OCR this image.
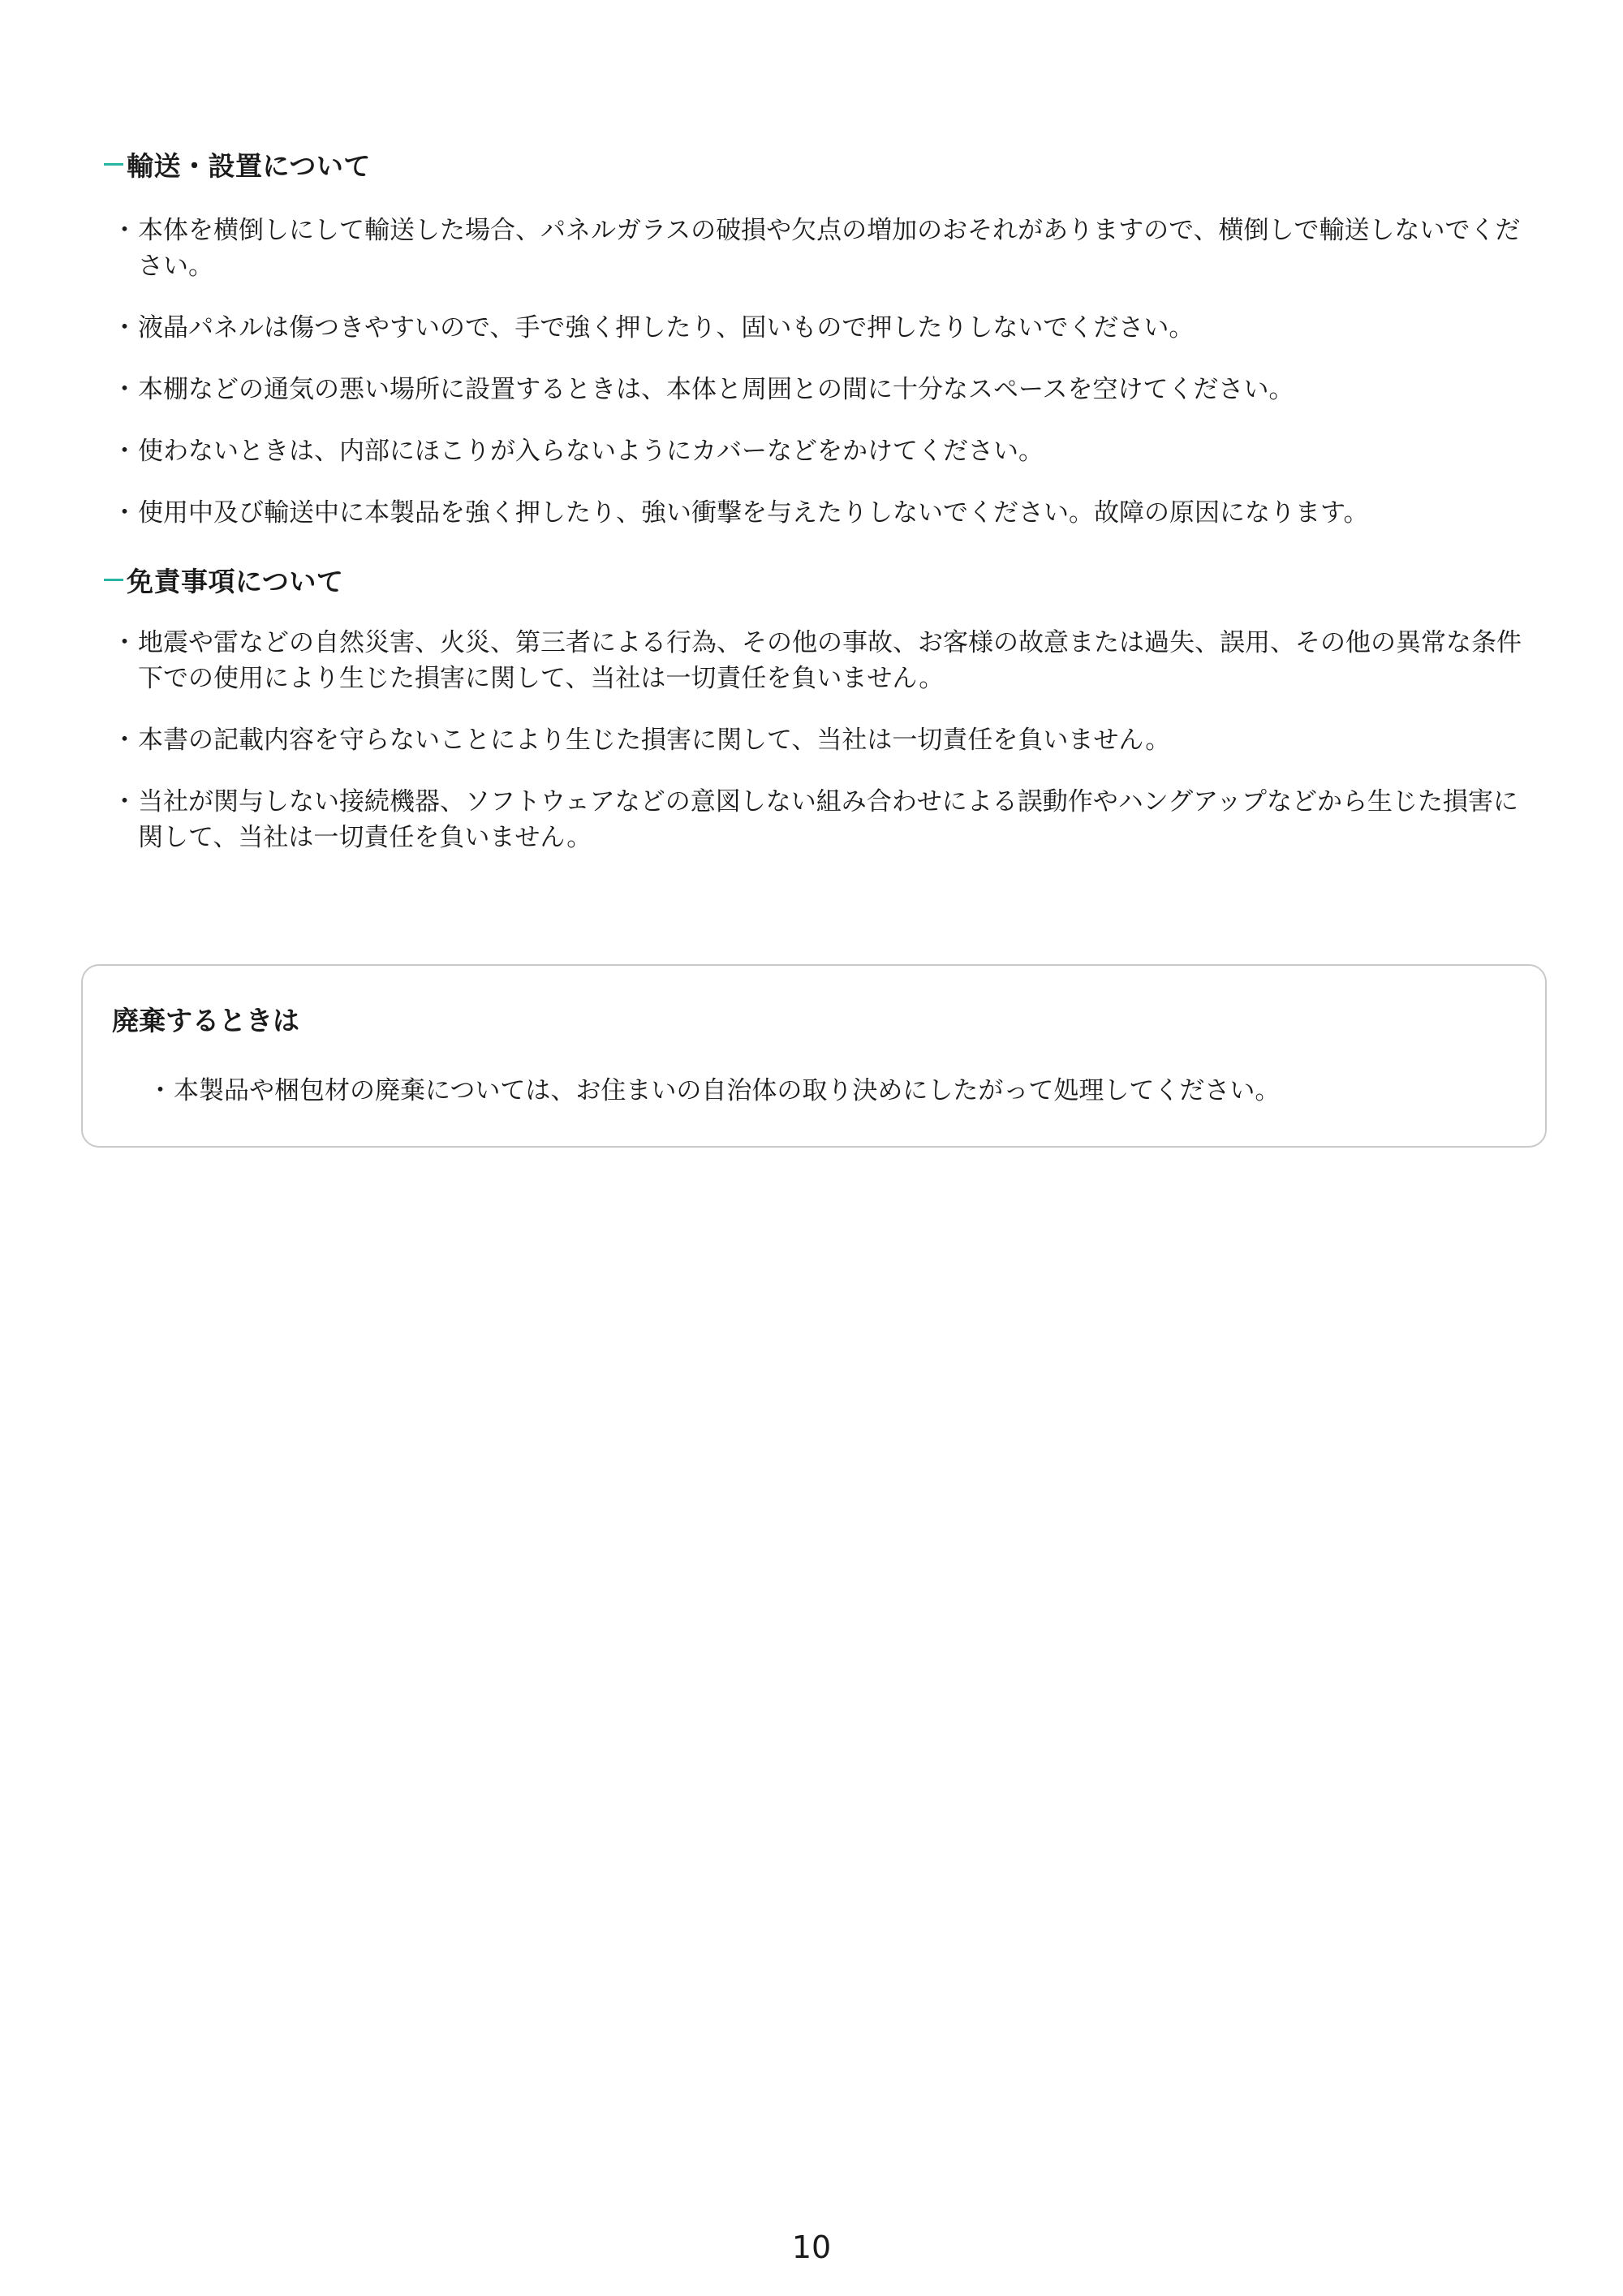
輸送・設置について
・ 本体を横倒しにして輸送した場合、パネルガラスの破損や欠点の増加のおそれがありますので、横倒しで輸送しないでください。
・ 液晶パネルは傷つきやすいので、手で強く押したり、固いもので押したりしないでください。
・ 本棚などの通気の悪い場所に設置するときは、本体と周囲との間に十分なスペースを空けてください。
・ 使わないときは、内部にほこりが入らないようにカバーなどをかけてください。
・ 使用中及び輸送中に本製品を強く押したり、強い衝撃を与えたりしないでください。故障の原因になります。
免責事項について
・ 地震や雷などの自然災害、火災、第三者による行為、その他の事故、お客様の故意または過失、誤用、その他の異常な条件下での使用により生じた損害に関して、当社は一切責任を負いません。
・ 本書の記載内容を守らないことにより生じた損害に関して、当社は一切責任を負いません。
・ 当社が関与しない接続機器、ソフトウェアなどの意図しない組み合わせによる誤動作やハングアップなどから生じた損害に関して、当社は一切責任を負いません。
廃棄するときは
・ 本製品や梱包材の廃棄については、お住まいの自治体の取り決めにしたがって処理してください。
10
